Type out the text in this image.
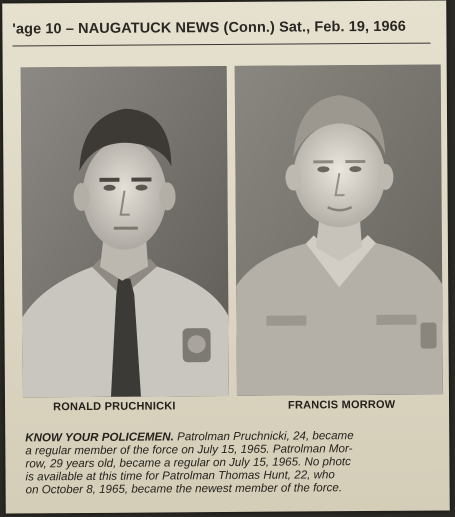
'age 10 – NAUGATUCK NEWS (Conn.) Sat., Feb. 19, 1966
RONALD PRUCHNICKI	FRANCIS MORROW
KNOW YOUR POLICEMEN. Patrolman Pruchnicki, 24, became
a regular member of the force on July 15, 1965. Patrolman Mor-
row, 29 years old, became a regular on July 15, 1965. No photc
is available at this time for Patrolman Thomas Hunt, 22, who
on October 8, 1965, became the newest member of the force.
